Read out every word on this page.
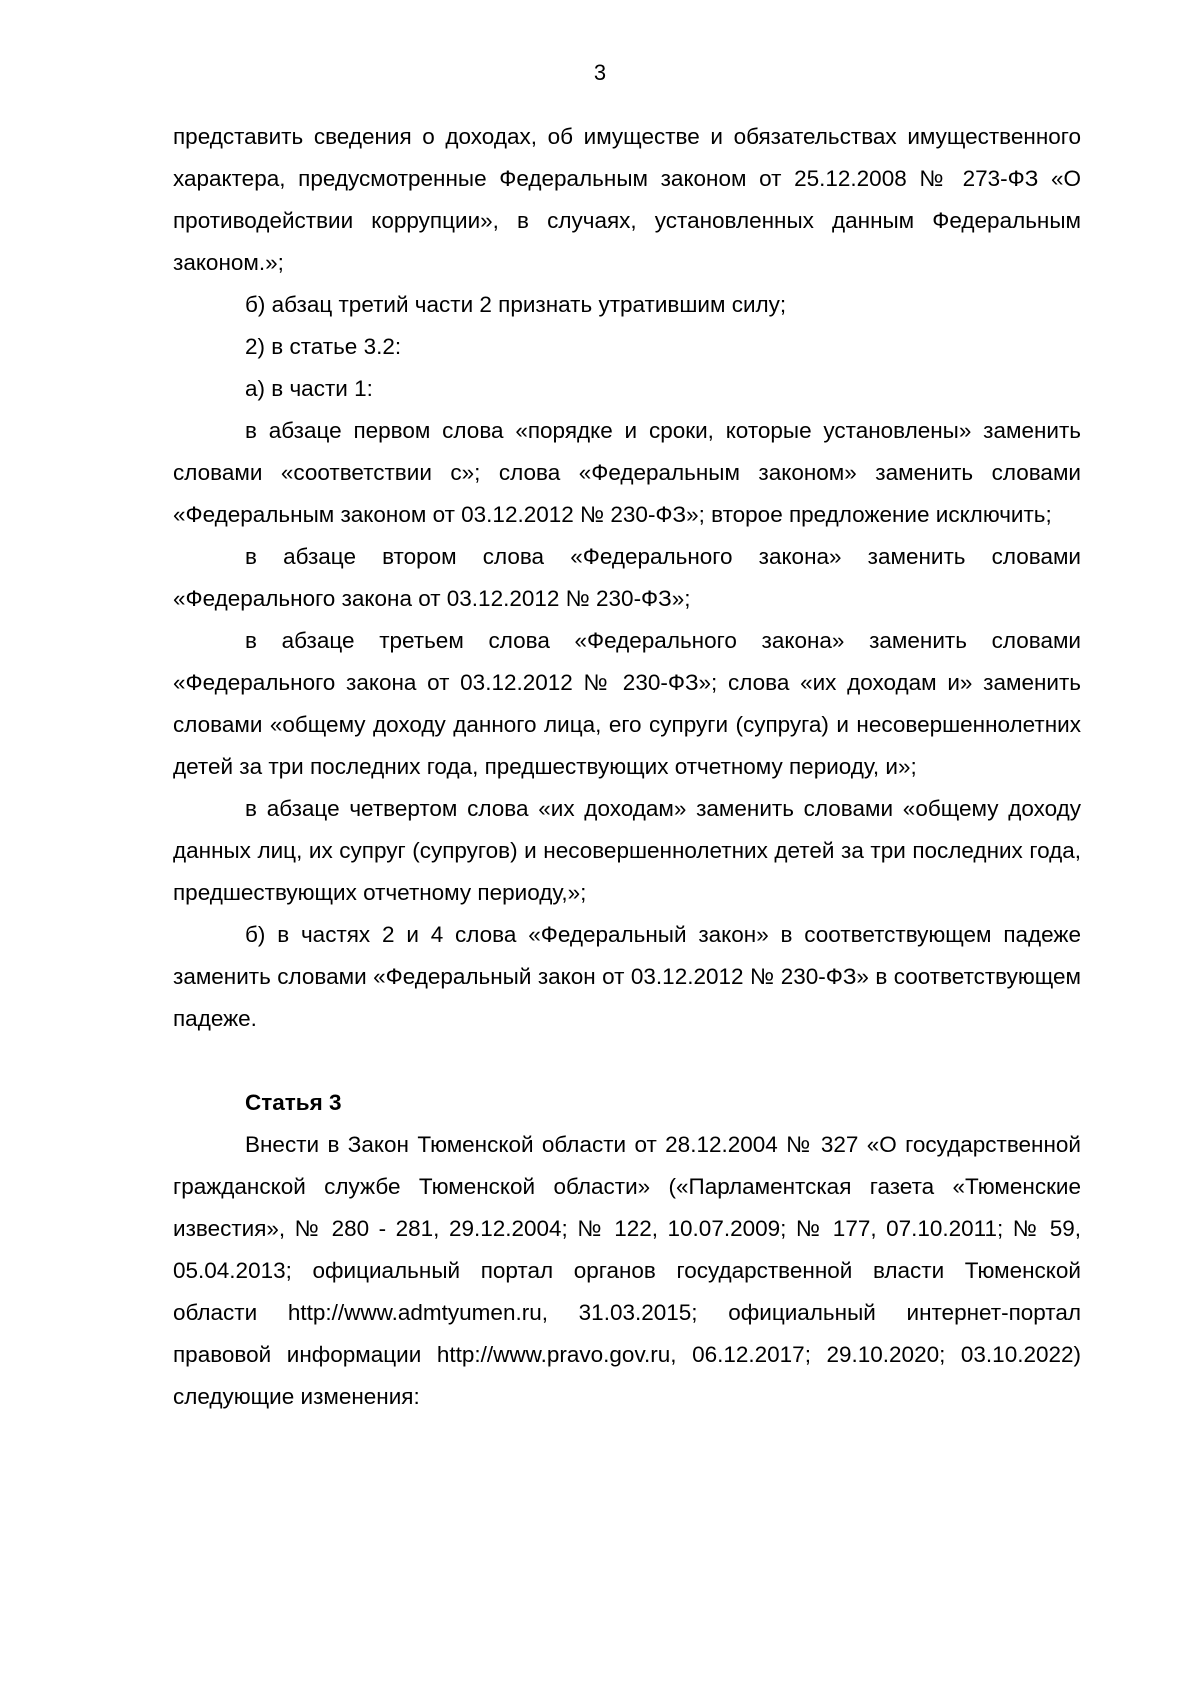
3

представить сведения о доходах, об имуществе и обязательствах имущественного характера, предусмотренные Федеральным законом от 25.12.2008 № 273-ФЗ «О противодействии коррупции», в случаях, установленных данным Федеральным законом.»;

б) абзац третий части 2 признать утратившим силу;

2) в статье 3.2:

а) в части 1:

в абзаце первом слова «порядке и сроки, которые установлены» заменить словами «соответствии с»; слова «Федеральным законом» заменить словами «Федеральным законом от 03.12.2012 № 230-ФЗ»; второе предложение исключить;

в абзаце втором слова «Федерального закона» заменить словами «Федерального закона от 03.12.2012 № 230-ФЗ»;

в абзаце третьем слова «Федерального закона» заменить словами «Федерального закона от 03.12.2012 № 230-ФЗ»; слова «их доходам и» заменить словами «общему доходу данного лица, его супруги (супруга) и несовершеннолетних детей за три последних года, предшествующих отчетному периоду, и»;

в абзаце четвертом слова «их доходам» заменить словами «общему доходу данных лиц, их супруг (супругов) и несовершеннолетних детей за три последних года, предшествующих отчетному периоду,»;

б) в частях 2 и 4 слова «Федеральный закон» в соответствующем падеже заменить словами «Федеральный закон от 03.12.2012 № 230-ФЗ» в соответствующем падеже.

Статья 3

Внести в Закон Тюменской области от 28.12.2004 № 327 «О государственной гражданской службе Тюменской области» («Парламентская газета «Тюменские известия», № 280 - 281, 29.12.2004; № 122, 10.07.2009; № 177, 07.10.2011; № 59, 05.04.2013; официальный портал органов государственной власти Тюменской области http://www.admtyumen.ru, 31.03.2015; официальный интернет-портал правовой информации http://www.pravo.gov.ru, 06.12.2017; 29.10.2020; 03.10.2022) следующие изменения:
